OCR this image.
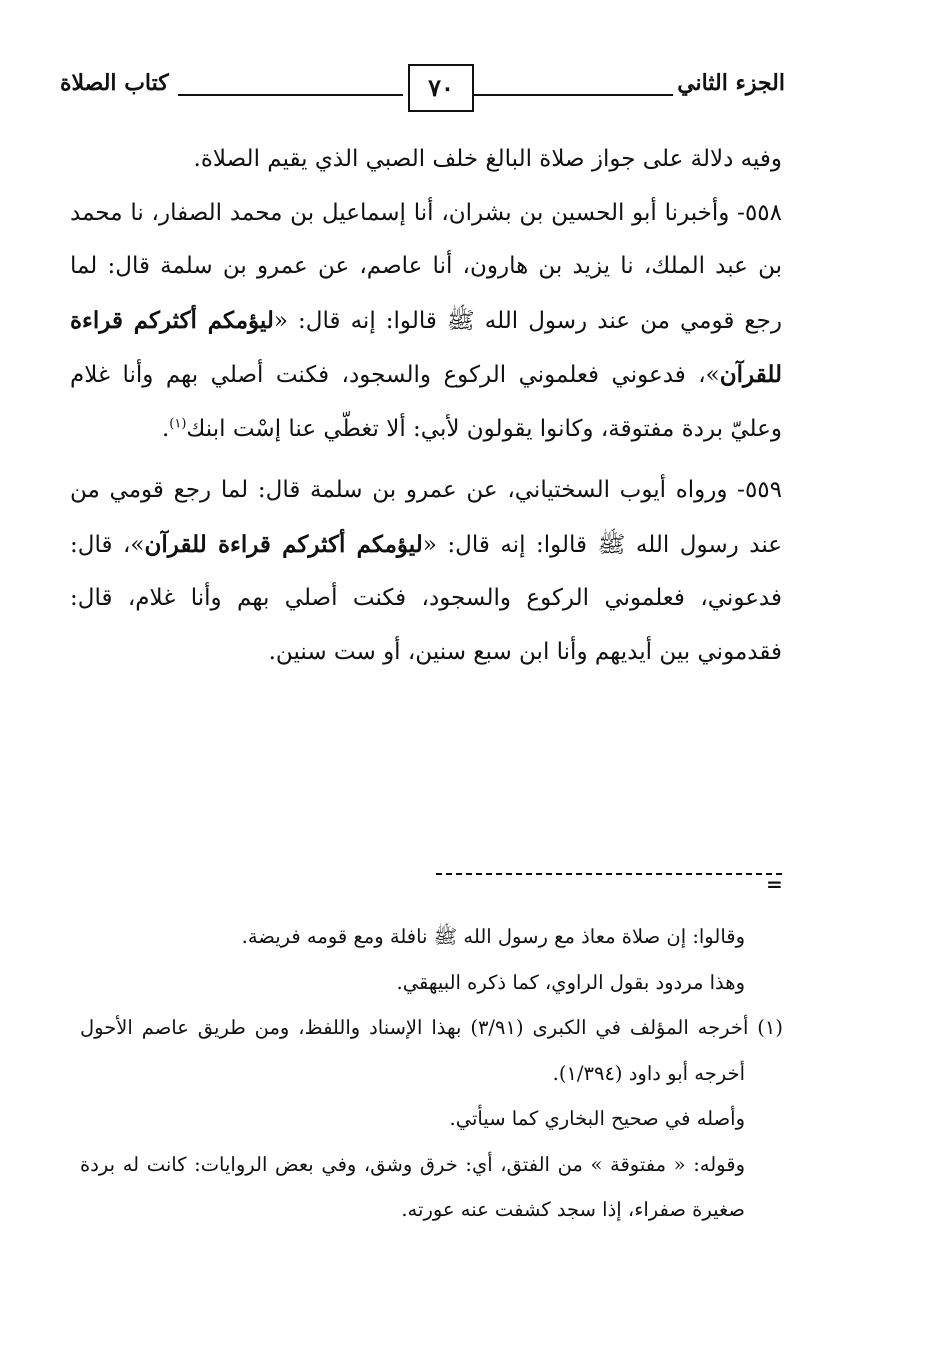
الجزء الثاني
٧٠
كتاب الصلاة

وفيه دلالة على جواز صلاة البالغ خلف الصبي الذي يقيم الصلاة.

٥٥٨- وأخبرنا أبو الحسين بن بشران، أنا إسماعيل بن محمد الصفار، نا محمد بن عبد الملك، نا يزيد بن هارون، أنا عاصم، عن عمرو بن سلمة قال: لما رجع قومي من عند رسول الله ﷺ قالوا: إنه قال: «ليؤمكم أكثركم قراءة للقرآن»، فدعوني فعلموني الركوع والسجود، فكنت أصلي بهم وأنا غلام وعليّ بردة مفتوقة، وكانوا يقولون لأبي: ألا تغطّي عنا إسْت ابنك$^{(١)}$.

٥٥٩- ورواه أيوب السختياني، عن عمرو بن سلمة قال: لما رجع قومي من عند رسول الله ﷺ قالوا: إنه قال: «ليؤمكم أكثركم قراءة للقرآن»، قال: فدعوني، فعلموني الركوع والسجود، فكنت أصلي بهم وأنا غلام، قال: فقدموني بين أيديهم وأنا ابن سبع سنين، أو ست سنين.

=

وقالوا: إن صلاة معاذ مع رسول الله ﷺ نافلة ومع قومه فريضة.

وهذا مردود بقول الراوي، كما ذكره البيهقي.

(١) أخرجه المؤلف في الكبرى (٣/٩١) بهذا الإسناد واللفظ، ومن طريق عاصم الأحول أخرجه أبو داود (١/٣٩٤).

وأصله في صحيح البخاري كما سيأتي.

وقوله: « مفتوقة » من الفتق، أي: خرق وشق، وفي بعض الروايات: كانت له بردة صغيرة صفراء، إذا سجد كشفت عنه عورته.
